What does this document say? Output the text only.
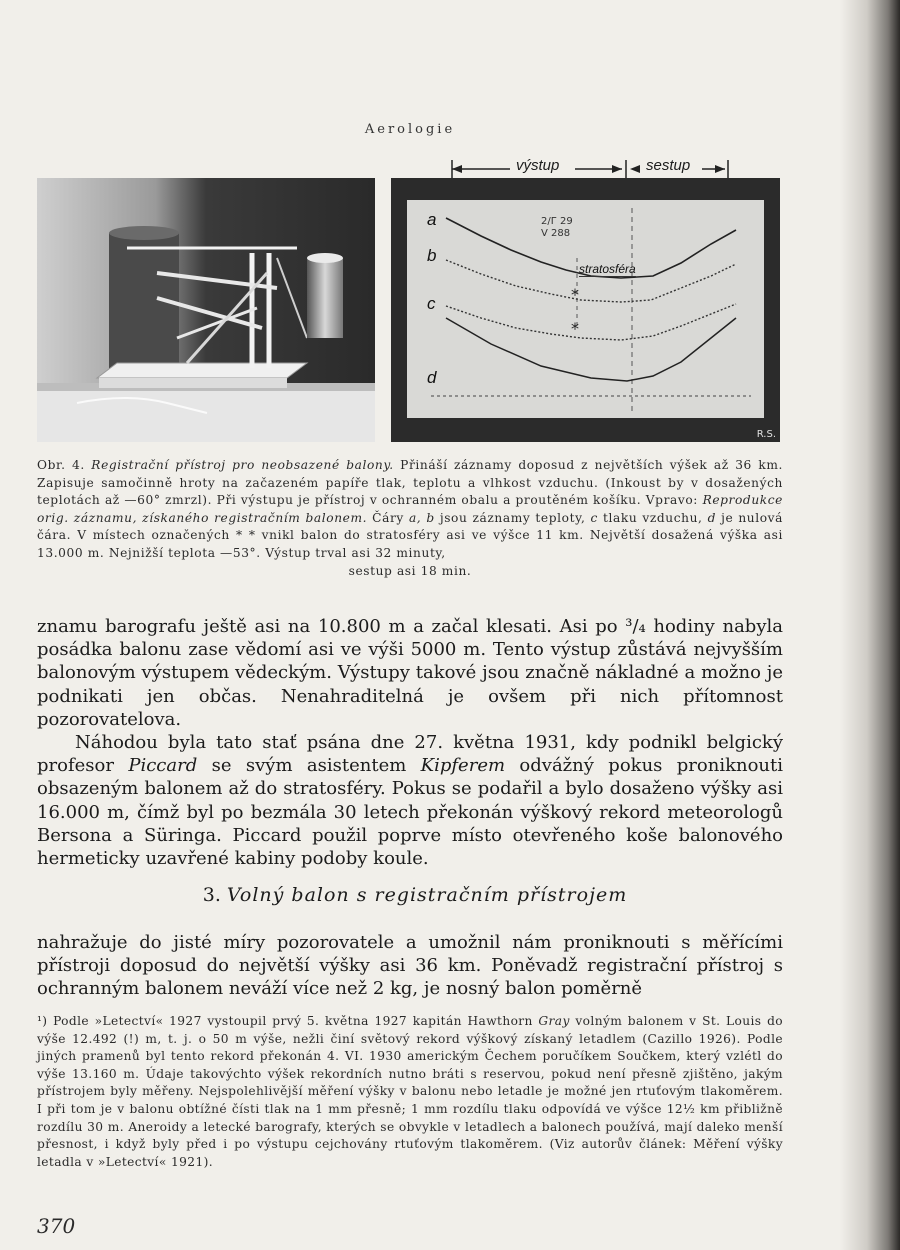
Aerologie
výstup	sestup
*
*
a
b
c
d
stratosféra
2/Г 29
V 288
R.S.
Obr. 4. Registrační přístroj pro neobsazené balony. Přináší záznamy doposud z největších výšek až 36 km. Zapisuje samočinně hroty na začazeném papíře tlak, teplotu a vlhkost vzduchu. (Inkoust by v dosažených teplotách až —60° zmrzl). Při výstupu je přístroj v ochranném obalu a proutěném košíku. Vpravo: Reprodukce orig. záznamu, získaného registračním balonem. Čáry a, b jsou záznamy teploty, c tlaku vzduchu, d je nulová čára. V místech označených * * vnikl balon do stratosféry asi ve výšce 11 km. Největší dosažená výška asi 13.000 m. Nejnižší teplota —53°. Výstup trval asi 32 minuty,
sestup asi 18 min.

znamu barografu ještě asi na 10.800 m a začal klesati. Asi po ³/₄ hodiny nabyla posádka balonu zase vědomí asi ve výši 5000 m. Tento výstup zůstává nejvyšším balonovým výstupem vědeckým. Výstupy takové jsou značně nákladné a možno je podnikati jen občas. Nenahraditelná je ovšem při nich přítomnost pozorovatelova.

Náhodou byla tato stať psána dne 27. května 1931, kdy podnikl belgický profesor Piccard se svým asistentem Kipferem odvážný pokus proniknouti obsazeným balonem až do stratosféry. Pokus se podařil a bylo dosaženo výšky asi 16.000 m, čímž byl po bezmála 30 letech překonán výškový rekord meteorologů Bersona a Süringa. Piccard použil poprve místo otevřeného koše balonového hermeticky uzavřené kabiny podoby koule.

3. Volný balon s registračním přístrojem

nahražuje do jisté míry pozorovatele a umožnil nám proniknouti s měřícími přístroji doposud do největší výšky asi 36 km. Poněvadž registrační přístroj s ochranným balonem neváží více než 2 kg, je nosný balon poměrně

¹) Podle »Letectví« 1927 vystoupil prvý 5. května 1927 kapitán Hawthorn Gray volným balonem v St. Louis do výše 12.492 (!) m, t. j. o 50 m výše, nežli činí světový rekord výškový získaný letadlem (Cazillo 1926). Podle jiných pramenů byl tento rekord překonán 4. VI. 1930 americkým Čechem poručíkem Součkem, který vzlétl do výše 13.160 m. Údaje takovýchto výšek rekordních nutno bráti s reservou, pokud není přesně zjištěno, jakým přístrojem byly měřeny. Nejspolehlivější měření výšky v balonu nebo letadle je možné jen rtuťovým tlakoměrem. I při tom je v balonu obtížné čísti tlak na 1 mm přesně; 1 mm rozdílu tlaku odpovídá ve výšce 12½ km přibližně rozdílu 30 m. Aneroidy a letecké barografy, kterých se obvykle v letadlech a balonech používá, mají daleko menší přesnost, i když byly před i po výstupu cejchovány rtuťovým tlakoměrem. (Viz autorův článek: Měření výšky letadla v »Letectví« 1921).
370
